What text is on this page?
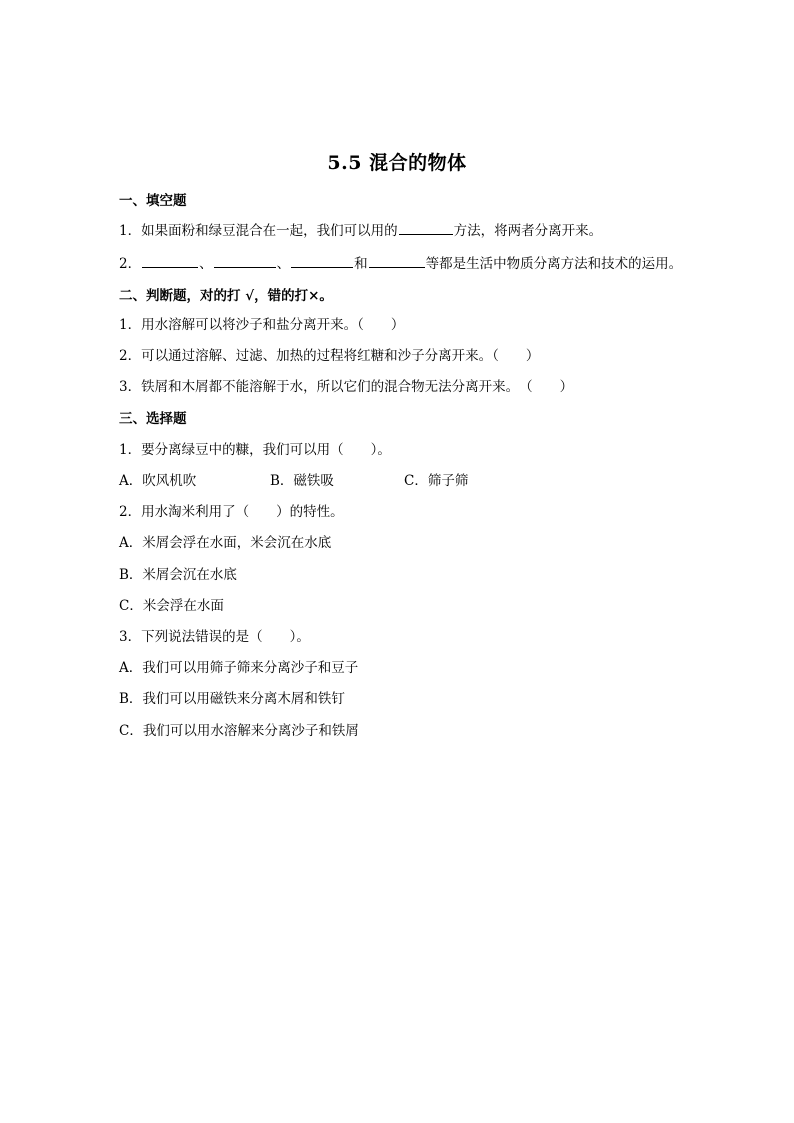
5.5 混合的物体
一、填空题
1．如果面粉和绿豆混合在一起，我们可以用的	方法，将两者分离开来。
2．	、	、	和	等都是生活中物质分离方法和技术的运用。
二、判断题，对的打 √，错的打×。
1．用水溶解可以将沙子和盐分离开来。（　　）
2．可以通过溶解、过滤、加热的过程将红糖和沙子分离开来。（　　）
3．铁屑和木屑都不能溶解于水，所以它们的混合物无法分离开来。　（　　）
三、选择题
1．要分离绿豆中的糠，我们可以用（　　）。
A．吹风机吹	B．磁铁吸	C．筛子筛
2．用水淘米利用了（　　）的特性。
A．米屑会浮在水面，米会沉在水底
B．米屑会沉在水底
C．米会浮在水面
3．下列说法错误的是（　　）。
A．我们可以用筛子筛来分离沙子和豆子
B．我们可以用磁铁来分离木屑和铁钉
C．我们可以用水溶解来分离沙子和铁屑
